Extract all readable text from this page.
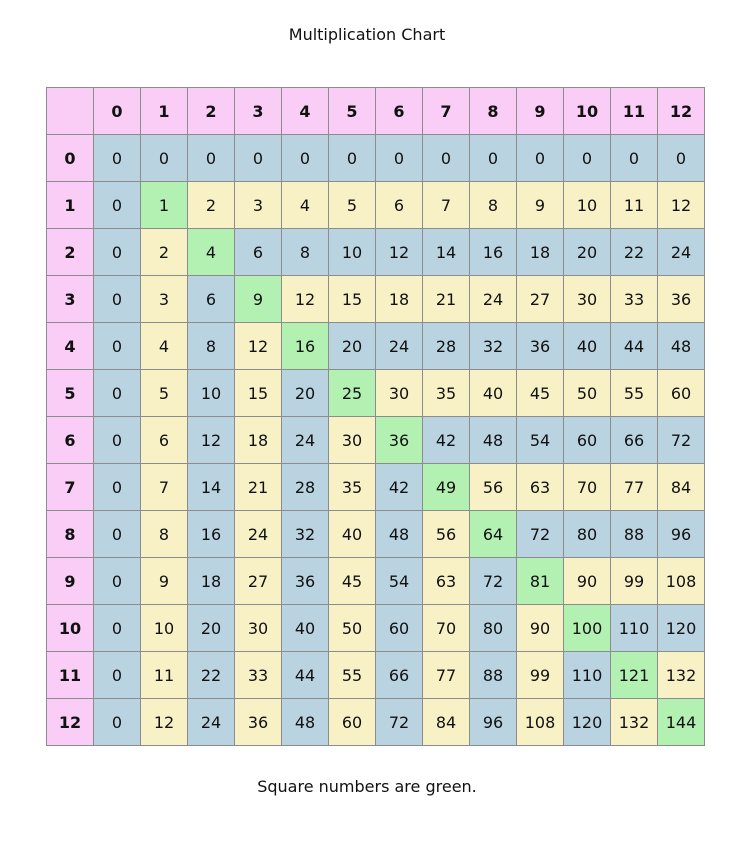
Multiplication Chart
	0	1	2	3	4	5	6	7	8	9	10	11	12
0	0	0	0	0	0	0	0	0	0	0	0	0	0
1	0	1	2	3	4	5	6	7	8	9	10	11	12
2	0	2	4	6	8	10	12	14	16	18	20	22	24
3	0	3	6	9	12	15	18	21	24	27	30	33	36
4	0	4	8	12	16	20	24	28	32	36	40	44	48
5	0	5	10	15	20	25	30	35	40	45	50	55	60
6	0	6	12	18	24	30	36	42	48	54	60	66	72
7	0	7	14	21	28	35	42	49	56	63	70	77	84
8	0	8	16	24	32	40	48	56	64	72	80	88	96
9	0	9	18	27	36	45	54	63	72	81	90	99	108
10	0	10	20	30	40	50	60	70	80	90	100	110	120
11	0	11	22	33	44	55	66	77	88	99	110	121	132
12	0	12	24	36	48	60	72	84	96	108	120	132	144
Square numbers are green.
